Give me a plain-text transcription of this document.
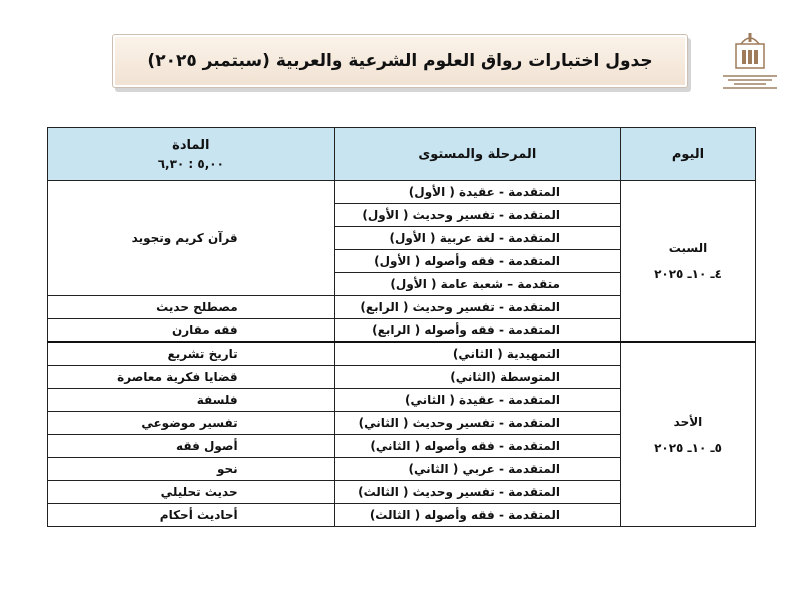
جدول اختبارات رواق العلوم الشرعية والعربية (سبتمبر ٢٠٢٥)
اليوم	المرحلة والمستوى	المادة
٥,٠٠ : ٦,٣٠

السبت
٤ـ ١٠ـ ٢٠٢٥	المتقدمة - عقيدة ( الأول)	قرآن كريم وتجويد
	المتقدمة - تفسير وحديث ( الأول)	
	المتقدمة - لغة عربية ( الأول)	
	المتقدمة - فقه وأصوله ( الأول)	
	متقدمة – شعبة عامة ( الأول)	
	المتقدمة - تفسير وحديث ( الرابع)	مصطلح حديث
	المتقدمة - فقه وأصوله ( الرابع)	فقه مقارن

الأحد
٥ـ ١٠ـ ٢٠٢٥	التمهيدية ( الثاني)	تاريخ تشريع
	المتوسطة (الثاني)	قضايا فكرية معاصرة
	المتقدمة - عقيدة ( الثاني)	فلسفة
	المتقدمة - تفسير وحديث ( الثاني)	تفسير موضوعي
	المتقدمة - فقه وأصوله ( الثاني)	أصول فقه
	المتقدمة - عربي ( الثاني)	نحو
	المتقدمة - تفسير وحديث ( الثالث)	حديث تحليلي
	المتقدمة - فقه وأصوله ( الثالث)	أحاديث أحكام
